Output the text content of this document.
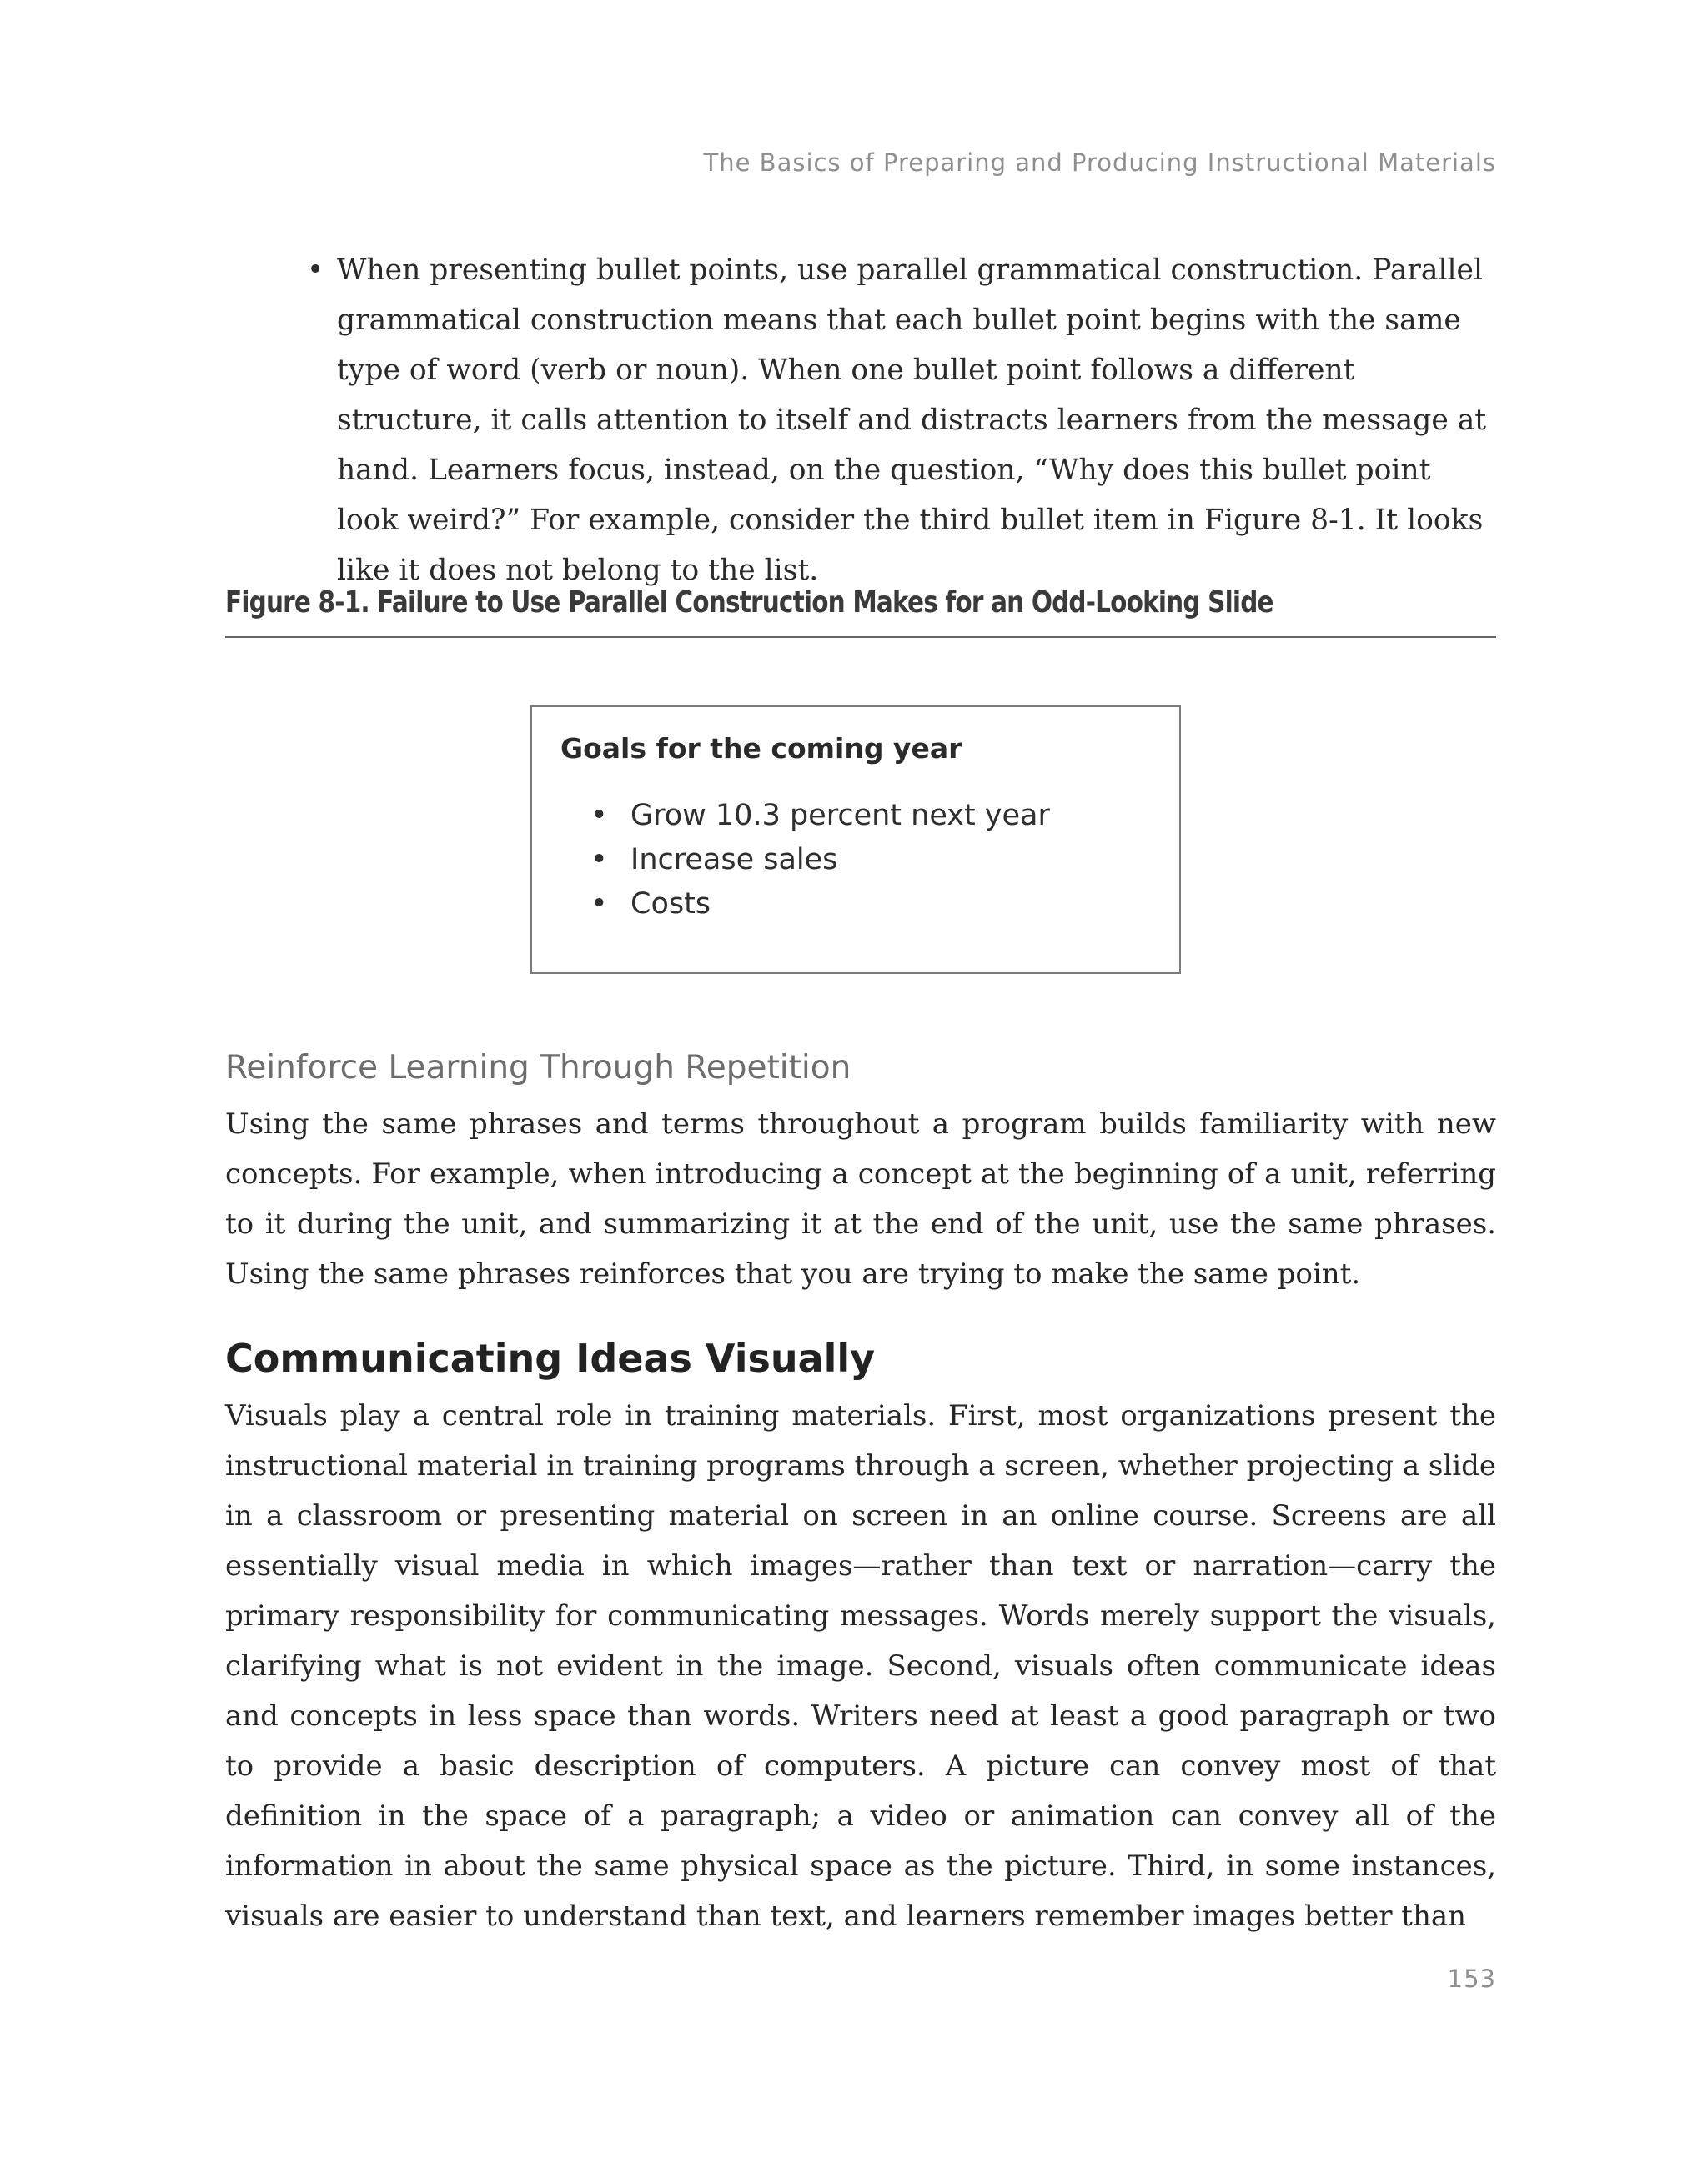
The Basics of Preparing and Producing Instructional Materials
• When presenting bullet points, use parallel grammatical construction. Parallel grammatical construction means that each bullet point begins with the same type of word (verb or noun). When one bullet point follows a different structure, it calls attention to itself and distracts learners from the message at hand. Learners focus, instead, on the question, “Why does this bullet point look weird?” For example, consider the third bullet item in Figure 8-1. It looks like it does not belong to the list.
Figure 8-1. Failure to Use Parallel Construction Makes for an Odd-Looking Slide
Goals for the coming year
• Grow 10.3 percent next year
• Increase sales
• Costs
Reinforce Learning Through Repetition
Using the same phrases and terms throughout a program builds familiarity with new concepts. For example, when introducing a concept at the beginning of a unit, referring to it during the unit, and summarizing it at the end of the unit, use the same phrases. Using the same phrases reinforces that you are trying to make the same point.
Communicating Ideas Visually
Visuals play a central role in training materials. First, most organizations present the instructional material in training programs through a screen, whether projecting a slide in a classroom or presenting material on screen in an online course. Screens are all essentially visual media in which images—rather than text or narration—carry the primary responsibility for communicating messages. Words merely support the visuals, clarifying what is not evident in the image. Second, visuals often communicate ideas and concepts in less space than words. Writers need at least a good paragraph or two to provide a basic description of computers. A picture can convey most of that definition in the space of a paragraph; a video or animation can convey all of the information in about the same physical space as the picture. Third, in some instances, visuals are easier to understand than text, and learners remember images better than
153
